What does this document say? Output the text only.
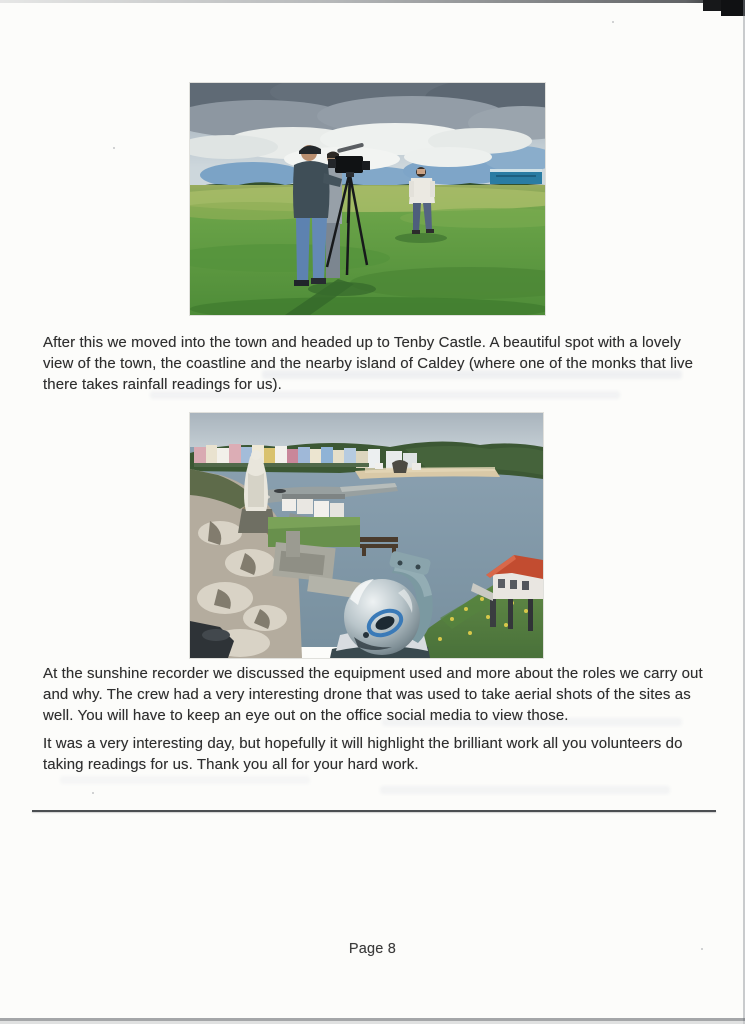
After this we moved into the town and headed up to Tenby Castle. A beautiful spot with a lovely
view of the town, the coastline and the nearby island of Caldey (where one of the monks that live
there takes rainfall readings for us).
At the sunshine recorder we discussed the equipment used and more about the roles we carry out
and why. The crew had a very interesting drone that was used to take aerial shots of the sites as
well. You will have to keep an eye out on the office social media to view those.
It was a very interesting day, but hopefully it will highlight the brilliant work all you volunteers do
taking readings for us. Thank you all for your hard work.
Page 8
